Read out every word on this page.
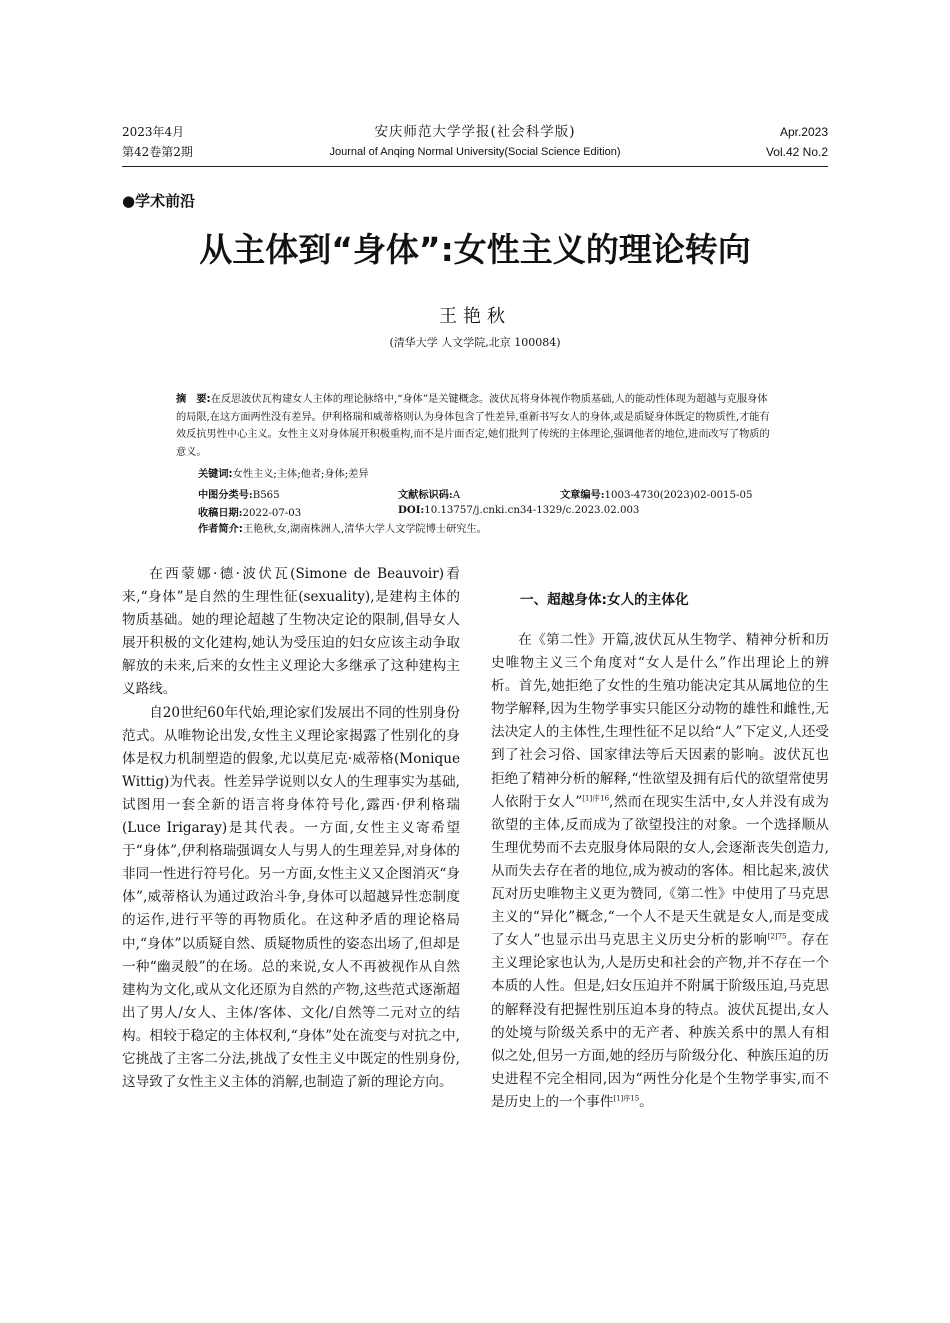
2023年4月
第42卷第2期
安庆师范大学学报(社会科学版)
Journal of Anqing Normal University(Social Science Edition)
Apr.2023
Vol.42 No.2
●学术前沿
从主体到“身体”:女性主义的理论转向
王艳秋
(清华大学 人文学院,北京 100084)
摘　要:在反思波伏瓦构建女人主体的理论脉络中,“身体”是关键概念。波伏瓦将身体视作物质基础,人的能动性体现为超越与克服身体的局限,在这方面两性没有差异。伊利格瑞和威蒂格则认为身体包含了性差异,重新书写女人的身体,或是质疑身体既定的物质性,才能有效反抗男性中心主义。女性主义对身体展开积极重构,而不是片面否定,她们批判了传统的主体理论,强调他者的地位,进而改写了物质的意义。
关键词:女性主义;主体;他者;身体;差异
中图分类号:B565	文献标识码:A	文章编号:1003-4730(2023)02-0015-05
收稿日期:2022-07-03	DOI:10.13757/j.cnki.cn34-1329/c.2023.02.003
作者简介:王艳秋,女,湖南株洲人,清华大学人文学院博士研究生。

在西蒙娜·德·波伏瓦(Simone de Beauvoir)看来,“身体”是自然的生理性征(sexuality),是建构主体的物质基础。她的理论超越了生物决定论的限制,倡导女人展开积极的文化建构,她认为受压迫的妇女应该主动争取解放的未来,后来的女性主义理论大多继承了这种建构主义路线。

自20世纪60年代始,理论家们发展出不同的性别身份范式。从唯物论出发,女性主义理论家揭露了性别化的身体是权力机制塑造的假象,尤以莫尼克·威蒂格(Monique Wittig)为代表。性差异学说则以女人的生理事实为基础,试图用一套全新的语言将身体符号化,露西·伊利格瑞(Luce Irigaray)是其代表。一方面,女性主义寄希望于“身体”,伊利格瑞强调女人与男人的生理差异,对身体的非同一性进行符号化。另一方面,女性主义又企图消灭“身体”,威蒂格认为通过政治斗争,身体可以超越异性恋制度的运作,进行平等的再物质化。在这种矛盾的理论格局中,“身体”以质疑自然、质疑物质性的姿态出场了,但却是一种“幽灵般”的在场。总的来说,女人不再被视作从自然建构为文化,或从文化还原为自然的产物,这些范式逐渐超出了男人/女人、主体/客体、文化/自然等二元对立的结构。相较于稳定的主体权利,“身体”处在流变与对抗之中,它挑战了主客二分法,挑战了女性主义中既定的性别身份,这导致了女性主义主体的消解,也制造了新的理论方向。

一、超越身体:女人的主体化

在《第二性》开篇,波伏瓦从生物学、精神分析和历史唯物主义三个角度对“女人是什么”作出理论上的辨析。首先,她拒绝了女性的生殖功能决定其从属地位的生物学解释,因为生物学事实只能区分动物的雄性和雌性,无法决定人的主体性,生理性征不足以给“人”下定义,人还受到了社会习俗、国家律法等后天因素的影响。波伏瓦也拒绝了精神分析的解释,“性欲望及拥有后代的欲望常使男人依附于女人”$^{[1]序16}$,然而在现实生活中,女人并没有成为欲望的主体,反而成为了欲望投注的对象。一个选择顺从生理优势而不去克服身体局限的女人,会逐渐丧失创造力,从而失去存在者的地位,成为被动的客体。相比起来,波伏瓦对历史唯物主义更为赞同,《第二性》中使用了马克思主义的“异化”概念,“一个人不是天生就是女人,而是变成了女人”也显示出马克思主义历史分析的影响$^{[2]75}$。存在主义理论家也认为,人是历史和社会的产物,并不存在一个本质的人性。但是,妇女压迫并不附属于阶级压迫,马克思的解释没有把握性别压迫本身的特点。波伏瓦提出,女人的处境与阶级关系中的无产者、种族关系中的黑人有相似之处,但另一方面,她的经历与阶级分化、种族压迫的历史进程不完全相同,因为“两性分化是个生物学事实,而不是历史上的一个事件$^{[1]序15}$。
